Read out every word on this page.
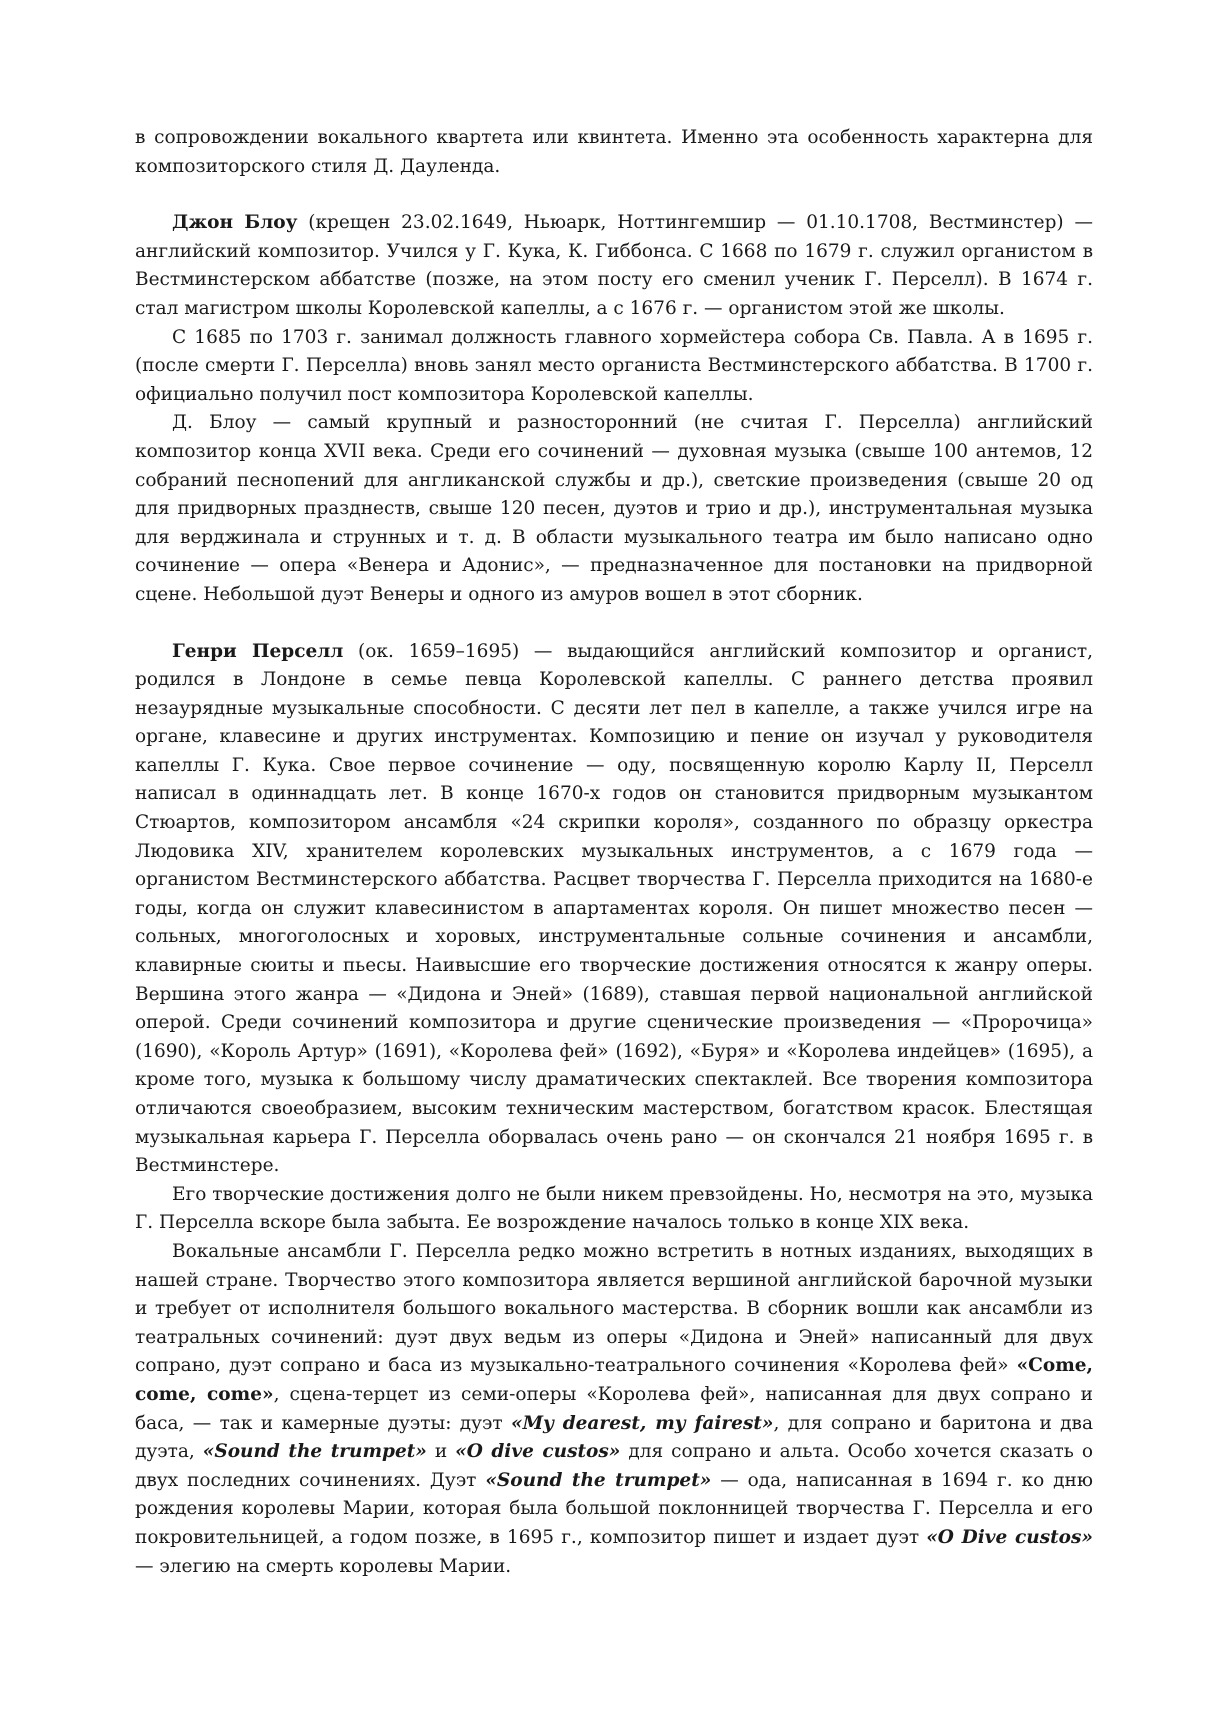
в сопровождении вокального квартета или квинтета. Именно эта особенность характерна для композиторского стиля Д. Дауленда.

Джон Блоу (крещен 23.02.1649, Ньюарк, Ноттингемшир — 01.10.1708, Вестминстер) — английский композитор. Учился у Г. Кука, К. Гиббонса. С 1668 по 1679 г. служил органистом в Вестминстерском аббатстве (позже, на этом посту его сменил ученик Г. Перселл). В 1674 г. стал магистром школы Королевской капеллы, а с 1676 г. — органистом этой же школы.

С 1685 по 1703 г. занимал должность главного хормейстера собора Св. Павла. А в 1695 г. (после смерти Г. Перселла) вновь занял место органиста Вестминстерского аббатства. В 1700 г. официально получил пост композитора Королевской капеллы.

Д. Блоу — самый крупный и разносторонний (не считая Г. Перселла) английский композитор конца XVII века. Среди его сочинений — духовная музыка (свыше 100 антемов, 12 собраний песнопений для англиканской службы и др.), светские произведения (свыше 20 од для придворных празднеств, свыше 120 песен, дуэтов и трио и др.), инструментальная музыка для верджинала и струнных и т. д. В области музыкального театра им было написано одно сочинение — опера «Венера и Адонис», — предназначенное для постановки на придворной сцене. Небольшой дуэт Венеры и одного из амуров вошел в этот сборник.

Генри Перселл (ок. 1659–1695) — выдающийся английский композитор и органист, родился в Лондоне в семье певца Королевской капеллы. С раннего детства проявил незаурядные музыкальные способности. С десяти лет пел в капелле, а также учился игре на органе, клавесине и других инструментах. Композицию и пение он изучал у руководителя капеллы Г. Кука. Свое первое сочинение — оду, посвященную королю Карлу II, Перселл написал в одиннадцать лет. В конце 1670-х годов он становится придворным музыкантом Стюартов, композитором ансамбля «24 скрипки короля», созданного по образцу оркестра Людовика XIV, хранителем королевских музыкальных инструментов, а с 1679 года — органистом Вестминстерского аббатства. Расцвет творчества Г. Перселла приходится на 1680-е годы, когда он служит клавесинистом в апартаментах короля. Он пишет множество песен — сольных, многоголосных и хоровых, инструментальные сольные сочинения и ансамбли, клавирные сюиты и пьесы. Наивысшие его творческие достижения относятся к жанру оперы. Вершина этого жанра — «Дидона и Эней» (1689), ставшая первой национальной английской оперой. Среди сочинений композитора и другие сценические произведения — «Пророчица» (1690), «Король Артур» (1691), «Королева фей» (1692), «Буря» и «Королева индейцев» (1695), а кроме того, музыка к большому числу драматических спектаклей. Все творения композитора отличаются своеобразием, высоким техническим мастерством, богатством красок. Блестящая музыкальная карьера Г. Перселла оборвалась очень рано — он скончался 21 ноября 1695 г. в Вестминстере.

Его творческие достижения долго не были никем превзойдены. Но, несмотря на это, музыка Г. Перселла вскоре была забыта. Ее возрождение началось только в конце XIX века.

Вокальные ансамбли Г. Перселла редко можно встретить в нотных изданиях, выходящих в нашей стране. Творчество этого композитора является вершиной английской барочной музыки и требует от исполнителя большого вокального мастерства. В сборник вошли как ансамбли из театральных сочинений: дуэт двух ведьм из оперы «Дидона и Эней» написанный для двух сопрано, дуэт сопрано и баса из музыкально-театрального сочинения «Королева фей» «Come, come, come», сцена-терцет из семи-оперы «Королева фей», написанная для двух сопрано и баса, — так и камерные дуэты: дуэт «My dearest, my fairest», для сопрано и баритона и два дуэта, «Sound the trumpet» и «O dive custos» для сопрано и альта. Особо хочется сказать о двух последних сочинениях. Дуэт «Sound the trumpet» — ода, написанная в 1694 г. ко дню рождения королевы Марии, которая была большой поклонницей творчества Г. Перселла и его покровительницей, а годом позже, в 1695 г., композитор пишет и издает дуэт «O Dive custos» — элегию на смерть королевы Марии.
